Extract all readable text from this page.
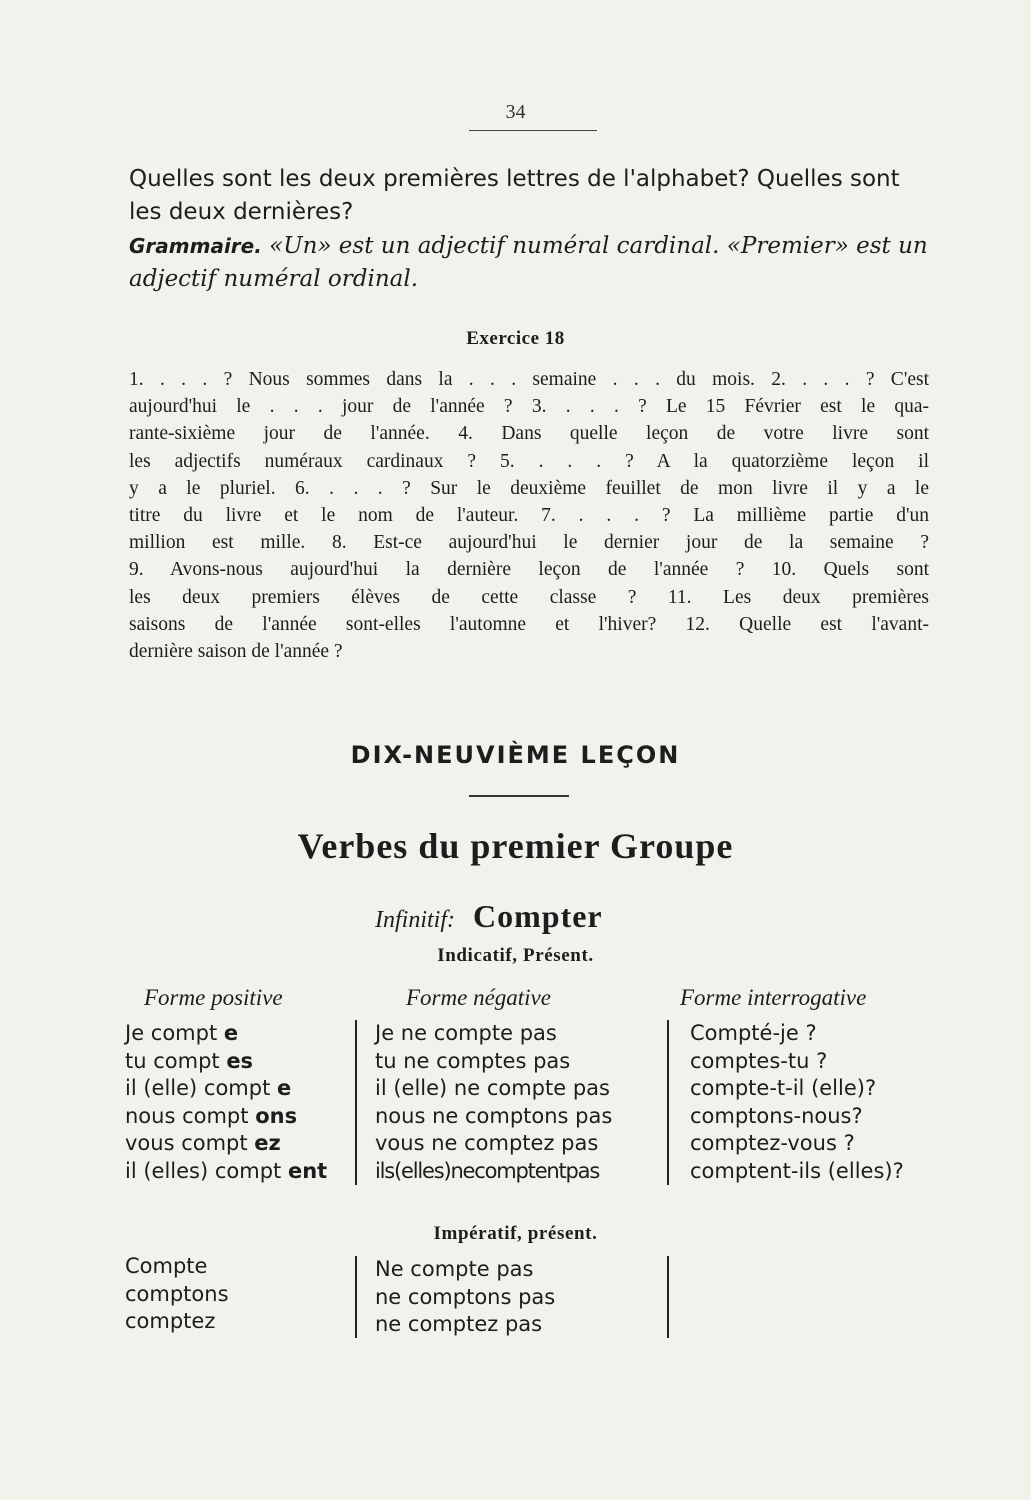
34
Quelles sont les deux premières lettres de l'alphabet? Quelles sont les deux dernières?
Grammaire. «Un» est un adjectif numéral cardinal. «Premier» est un adjectif numéral ordinal.
Exercice 18
1. . . . ? Nous sommes dans la . . . semaine . . . du mois. 2. . . . ? C'est
aujourd'hui le . . . jour de l'année ? 3. . . . ? Le 15 Février est le qua-
rante-sixième jour de l'année. 4. Dans quelle leçon de votre livre sont
les adjectifs numéraux cardinaux ? 5. . . . ? A la quatorzième leçon il
y a le pluriel. 6. . . . ? Sur le deuxième feuillet de mon livre il y a le
titre du livre et le nom de l'auteur. 7. . . . ? La millième partie d'un
million est mille. 8. Est-ce aujourd'hui le dernier jour de la semaine ?
9. Avons-nous aujourd'hui la dernière leçon de l'année ? 10. Quels sont
les deux premiers élèves de cette classe ? 11. Les deux premières
saisons de l'année sont-elles l'automne et l'hiver? 12. Quelle est l'avant-
dernière saison de l'année ?
DIX-NEUVIÈME LEÇON
Verbes du premier Groupe
Infinitif: Compter
Indicatif, Présent.
Forme positive	Forme négative	Forme interrogative
Je compt e
tu compt es
il (elle) compt e
nous compt ons
vous compt ez
il (elles) compt ent
Je ne compte pas
tu ne comptes pas
il (elle) ne compte pas
nous ne comptons pas
vous ne comptez pas
ils(elles)necomptentpas
Compté-je ?
comptes-tu ?
compte-t-il (elle)?
comptons-nous?
comptez-vous ?
comptent-ils (elles)?
Impératif, présent.
Compte
comptons
comptez
Ne compte pas
ne comptons pas
ne comptez pas
